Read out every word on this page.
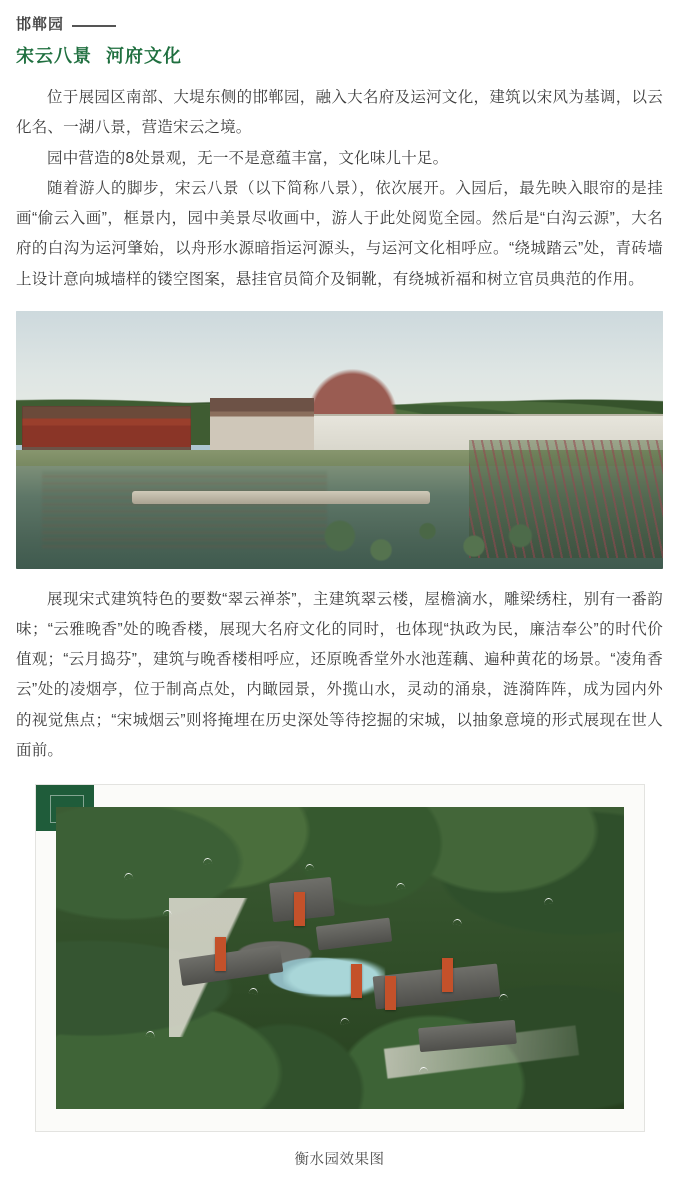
邯郸园
宋云八景 河府文化

位于展园区南部、大堤东侧的邯郸园，融入大名府及运河文化，建筑以宋风为基调，以云化名、一湖八景，营造宋云之境。

园中营造的8处景观，无一不是意蕴丰富，文化味儿十足。

随着游人的脚步，宋云八景（以下简称八景），依次展开。入园后，最先映入眼帘的是挂画“偷云入画”，框景内，园中美景尽收画中，游人于此处阅览全园。然后是“白沟云源”，大名府的白沟为运河肇始，以舟形水源暗指运河源头，与运河文化相呼应。“绕城踏云”处，青砖墙上设计意向城墙样的镂空图案，悬挂官员简介及铜靴，有绕城祈福和树立官员典范的作用。

展现宋式建筑特色的要数“翠云禅茶”，主建筑翠云楼，屋檐滴水，雕梁绣柱，别有一番韵味；“云雅晚香”处的晚香楼，展现大名府文化的同时，也体现“执政为民，廉洁奉公”的时代价值观；“云月捣芬”，建筑与晚香楼相呼应，还原晚香堂外水池莲藕、遍种黄花的场景。“凌角香云”处的凌烟亭，位于制高点处，内瞰园景，外揽山水，灵动的涌泉，涟漪阵阵，成为园内外的视觉焦点；“宋城烟云”则将掩埋在历史深处等待挖掘的宋城，以抽象意境的形式展现在世人面前。

衡水园效果图
